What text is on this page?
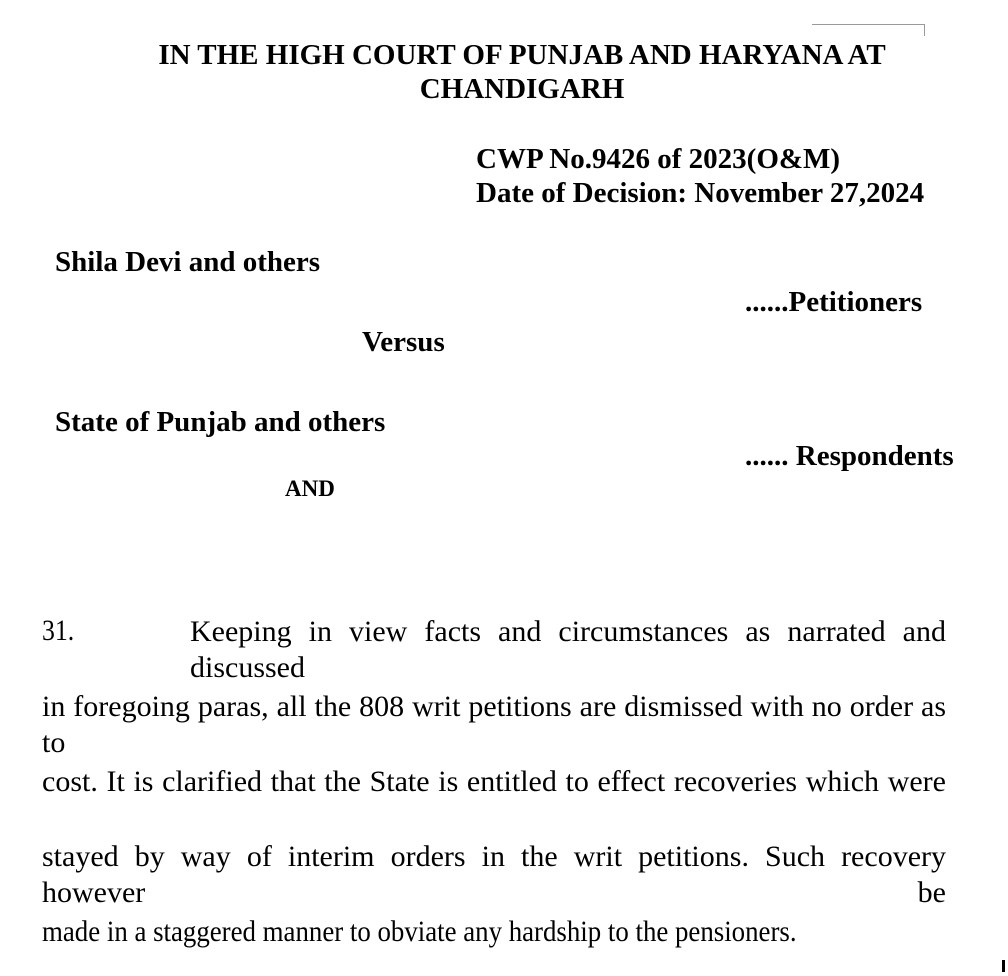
IN THE HIGH COURT OF PUNJAB AND HARYANA AT
CHANDIGARH
CWP No.9426 of 2023(O&M)
Date of Decision: November 27,2024
Shila Devi and others
......Petitioners
Versus
State of Punjab and others
...... Respondents
AND
31.	Keeping in view facts and circumstances as narrated and discussed
in foregoing paras, all the 808 writ petitions are dismissed with no order as to
cost. It is clarified that the State is entitled to effect recoveries which were
stayed by way of interim orders in the writ petitions. Such recovery however be
made in a staggered manner to obviate any hardship to the pensioners.
